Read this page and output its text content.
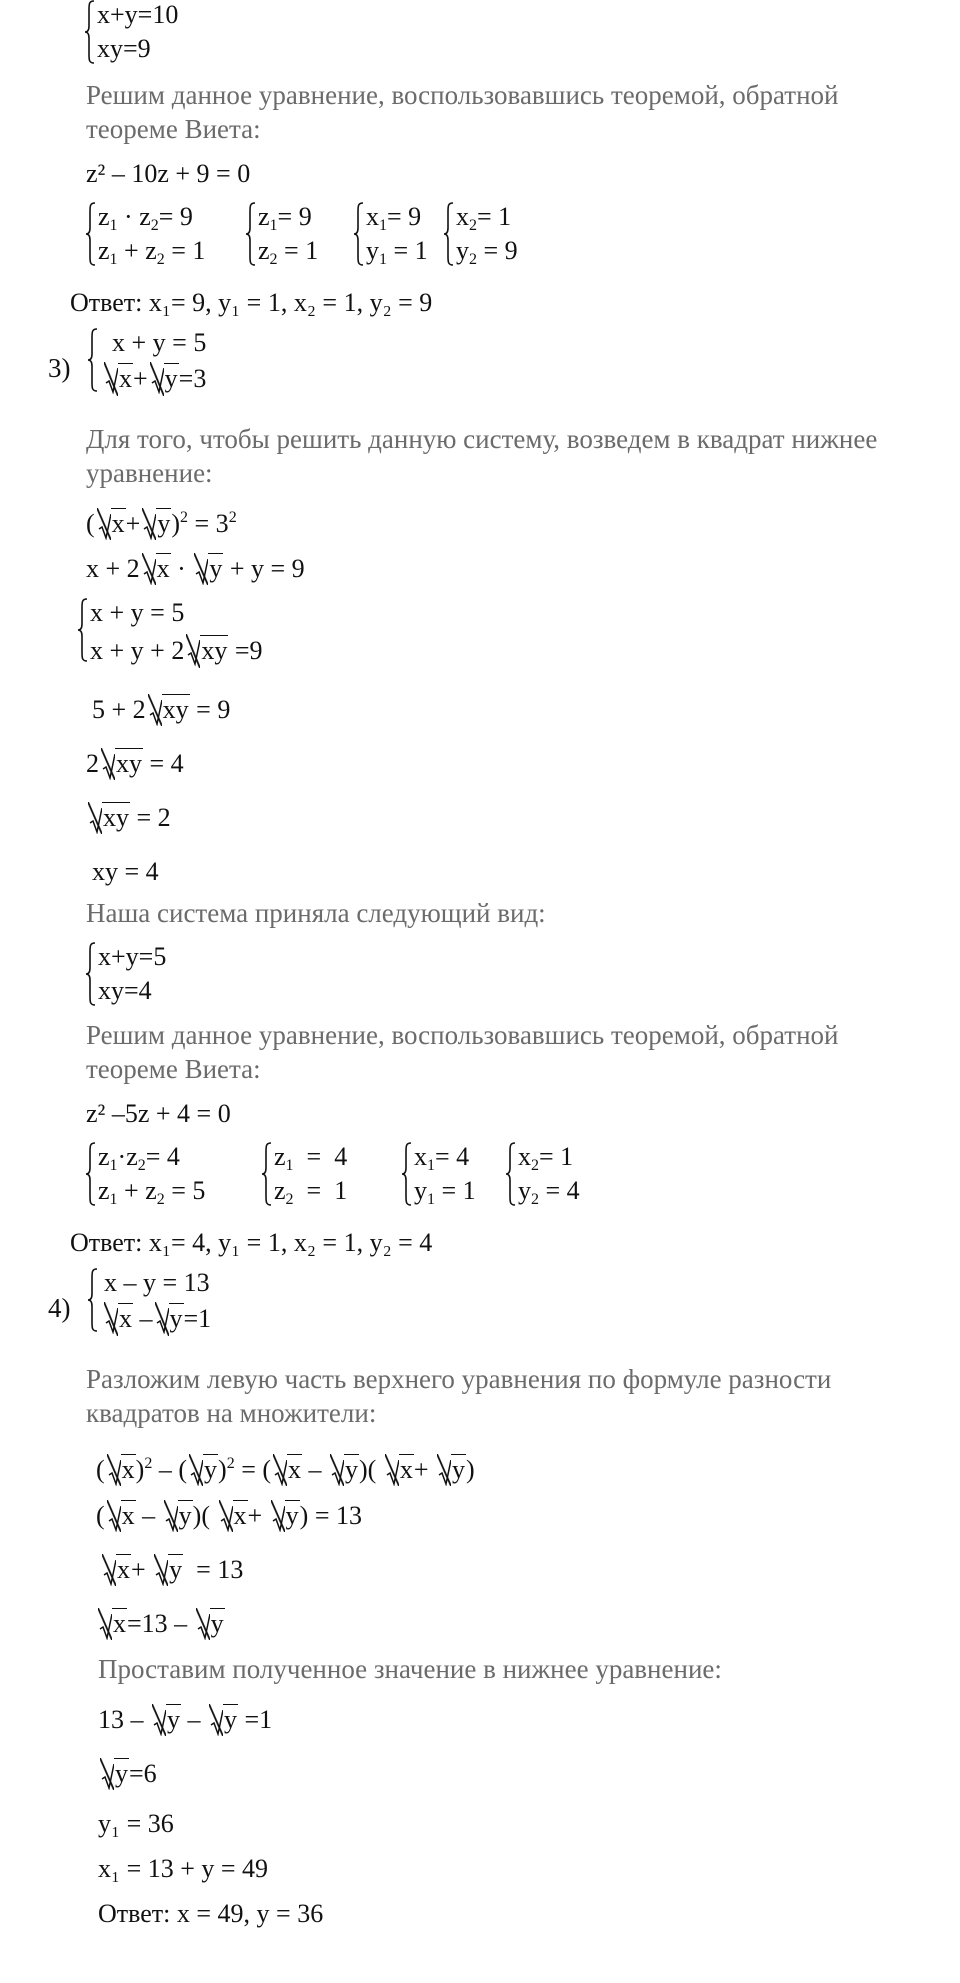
x+y=10
xy=9
Решим данное уравнение, воспользовавшись теоремой, обратной
теореме Виета:
z² – 10z + 9 = 0
$z_1 \cdot z_2= 9$
$z_1 + z_2 = 1$
$z_1= 9$
$z_2 = 1$
$x_1= 9$
$y_1 = 1$
$x_2= 1$
$y_2 = 9$
Ответ: x₁= 9, y₁ = 1, x₂ = 1, y₂ = 9
3)
x + y = 5
x+ y=3
Для того, чтобы решить данную систему, возведем в квадрат нижнее
уравнение:
( $x+ y)^2 = 3^2$
x + 2 x ·
y + y = 9
x + y = 5
x + y + 2 xy =9
5 + 2 xy = 9
2 xy = 4
xy = 2
xy = 4
Наша система приняла следующий вид:
x+y=5
xy=4
Решим данное уравнение, воспользовавшись теоремой, обратной
теореме Виета:
z² –5z + 4 = 0
$z_1\cdot z_2= 4$
$z_1 + z_2 = 5$
$z_1 = 4$
$z_2 = 1$
$x_1= 4$
$y_1 = 1$
$x_2= 1$
$y_2 = 4$
Ответ: x₁= 4, y₁ = 1, x₂ = 1, y₂ = 4
4)
x – y = 13
x – y=1
Разложим левую часть верхнего уравнения по формуле разности
квадратов на множители:
( x)$^2$ – ( y)$^2$ = ( x –
y)(
x+
y)
( x –
y)(
x+
y) = 13
x+
y  = 13
x=13 –
y
Проставим полученное значение в нижнее уравнение:
13 –
y –
y =1
y=6
y₁ = 36
x₁ = 13 + y = 49
Ответ: x = 49, y = 36
